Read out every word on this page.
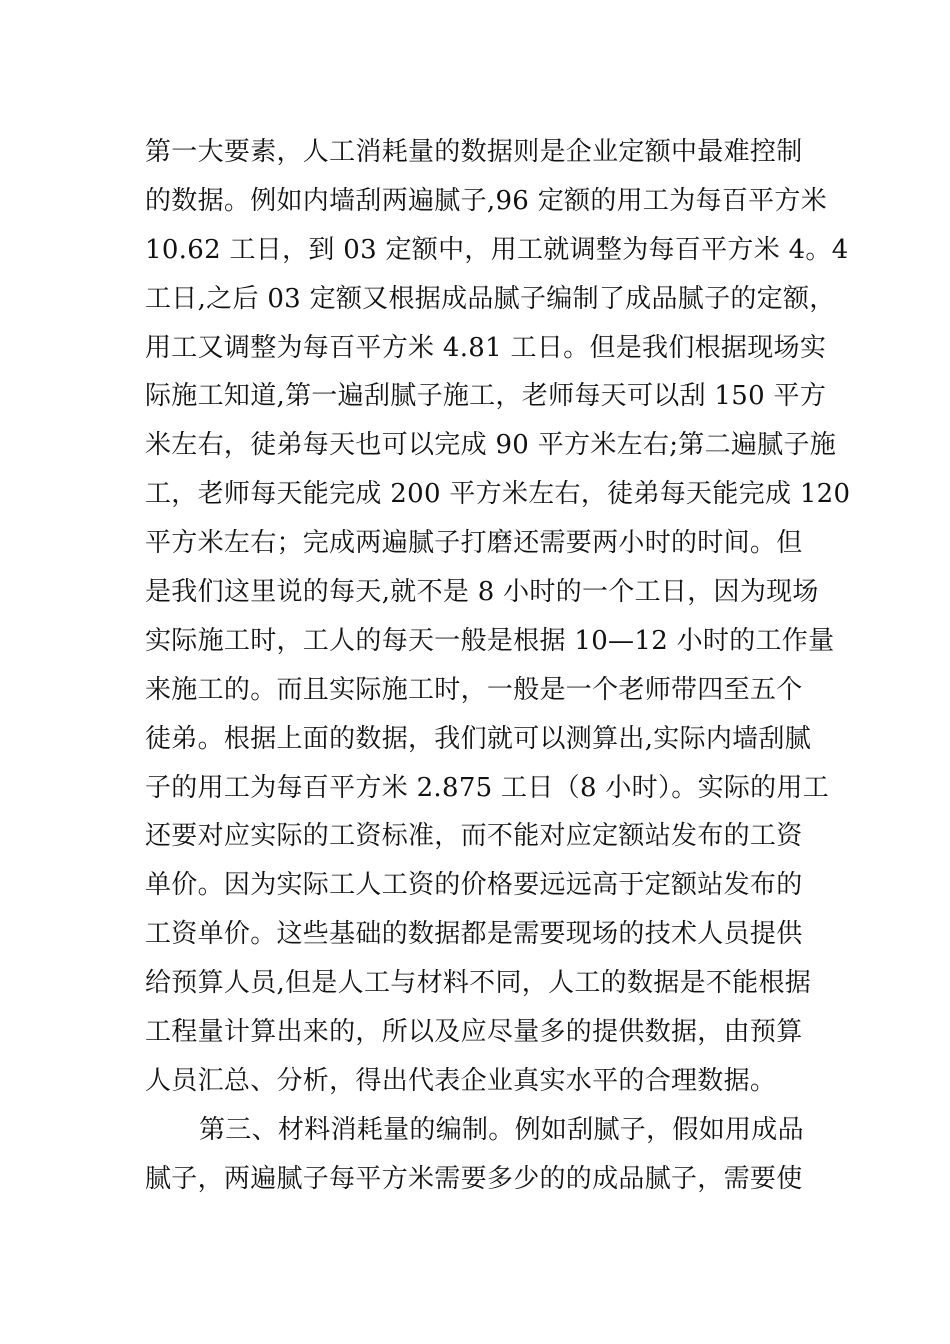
第一大要素，人工消耗量的数据则是企业定额中最难控制
的数据。例如内墙刮两遍腻子,96 定额的用工为每百平方米
10.62 工日，到 03 定额中，用工就调整为每百平方米 4。4
工日,之后 03 定额又根据成品腻子编制了成品腻子的定额，
用工又调整为每百平方米 4.81 工日。但是我们根据现场实
际施工知道,第一遍刮腻子施工，老师每天可以刮 150 平方
米左右，徒弟每天也可以完成 90 平方米左右;第二遍腻子施
工，老师每天能完成 200 平方米左右，徒弟每天能完成 120
平方米左右；完成两遍腻子打磨还需要两小时的时间。但
是我们这里说的每天,就不是 8 小时的一个工日，因为现场
实际施工时，工人的每天一般是根据 10—12 小时的工作量
来施工的。而且实际施工时，一般是一个老师带四至五个
徒弟。根据上面的数据，我们就可以测算出,实际内墙刮腻
子的用工为每百平方米 2.875 工日（8 小时）。实际的用工
还要对应实际的工资标准，而不能对应定额站发布的工资
单价。因为实际工人工资的价格要远远高于定额站发布的
工资单价。这些基础的数据都是需要现场的技术人员提供
给预算人员,但是人工与材料不同，人工的数据是不能根据
工程量计算出来的，所以及应尽量多的提供数据，由预算
人员汇总、分析，得出代表企业真实水平的合理数据。
第三、材料消耗量的编制。例如刮腻子，假如用成品
腻子，两遍腻子每平方米需要多少的的成品腻子，需要使
